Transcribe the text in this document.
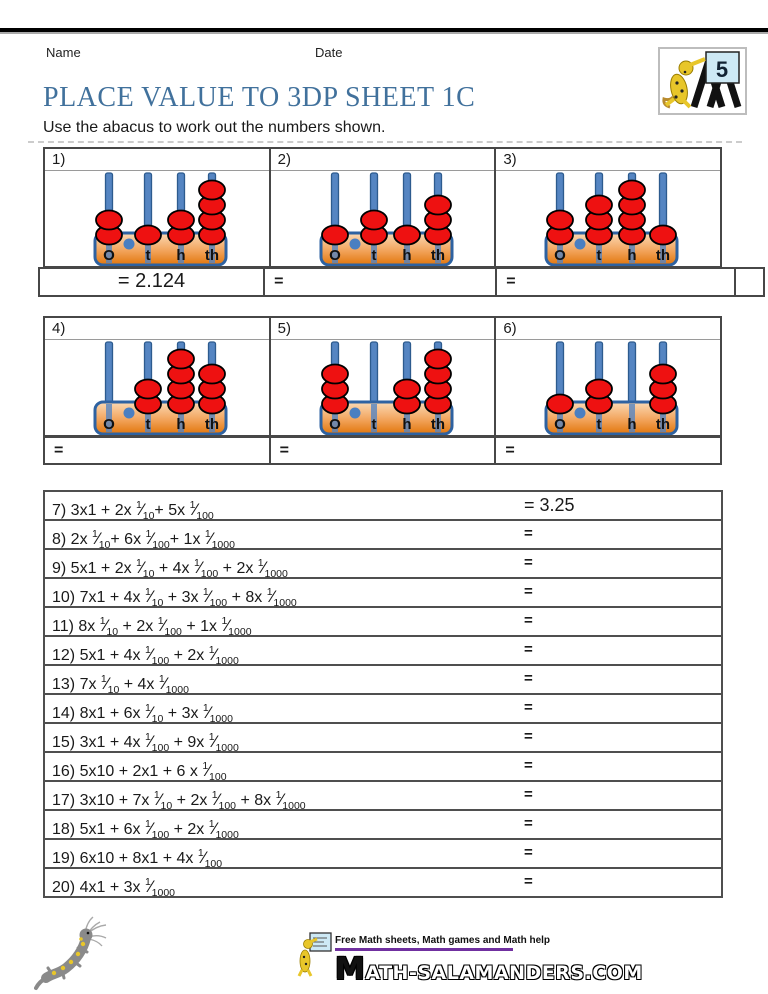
Name	Date
5
PLACE VALUE TO 3DP SHEET 1C
Use the abacus to work out the numbers shown.
1)
O t h th
2)
O t h th
3)
O t h th
= 2.124	=	=
4)
O t h th
5)
O t h th
6)
O t h th
=	=	=
7) 3x1 + 2x $^1⁄_{10}+ 5x$ $^1⁄_{100}$
= 3.25
8) 2x $^1⁄_{10}+ 6x$ $^1⁄_{100}+ 1x$ $^1⁄_{1000}$
=
9) 5x1 + 2x $^1⁄_{10} + 4x$ $^1⁄_{100} + 2x$ $^1⁄_{1000}$
=
10) 7x1 + 4x $^1⁄_{10} + 3x$ $^1⁄_{100} + 8x$ $^1⁄_{1000}$
=
11) 8x $^1⁄_{10} + 2x$ $^1⁄_{100} + 1x$ $^1⁄_{1000}$
=
12) 5x1 + 4x $^1⁄_{100} + 2x$ $^1⁄_{1000}$
=
13) 7x $^1⁄_{10} + 4x$ $^1⁄_{1000}$
=
14) 8x1 + 6x $^1⁄_{10} + 3x$ $^1⁄_{1000}$
=
15) 3x1 + 4x $^1⁄_{100} + 9x$ $^1⁄_{1000}$
=
16) 5x10 + 2x1 + 6 x $^1⁄_{100}$
=
17) 3x10 + 7x $^1⁄_{10} + 2x$ $^1⁄_{100} + 8x$ $^1⁄_{1000}$
=
18) 5x1 + 6x $^1⁄_{100} + 2x$ $^1⁄_{1000}$
=
19) 6x10 + 8x1 + 4x $^1⁄_{100}$
=
20) 4x1 + 3x $^1⁄_{1000}$
=
Free Math sheets, Math games and Math help
MATH-SALAMANDERS.COM
